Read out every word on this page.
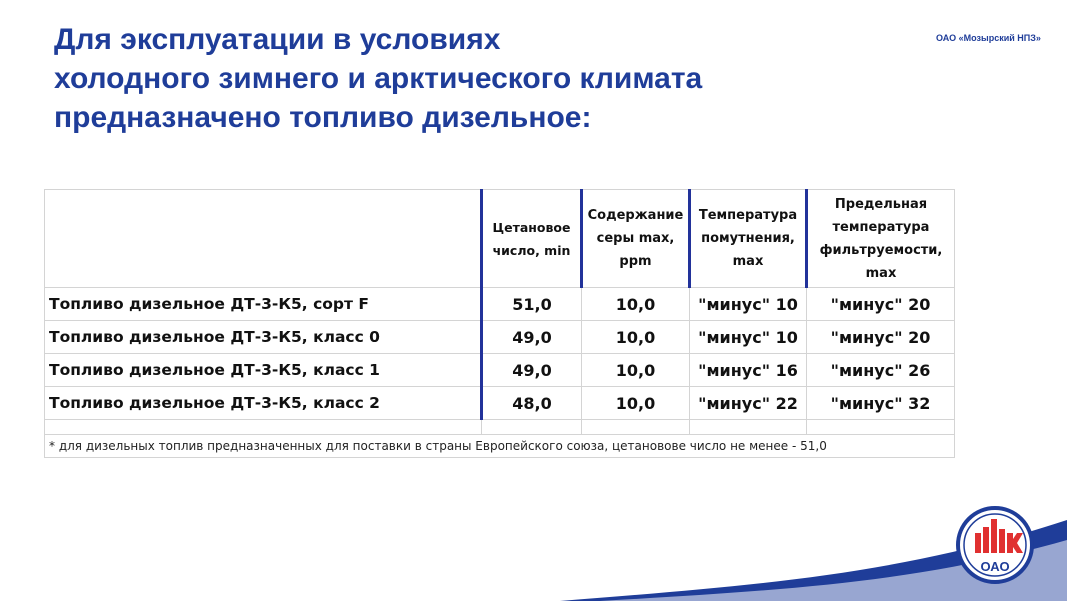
Для эксплуатации в условиях
холодного зимнего и арктического климата
предназначено топливо дизельное:
ОАО «Мозырский НПЗ»
	Цетановое число, min	Содержание серы max, ppm	Температура помутнения, max	Предельная температура фильтруемости, max
Топливо дизельное ДТ-3-К5, сорт F	51,0	10,0	"минус" 10	"минус" 20
Топливо дизельное ДТ-3-К5, класс 0	49,0	10,0	"минус" 10	"минус" 20
Топливо дизельное ДТ-3-К5, класс 1	49,0	10,0	"минус" 16	"минус" 26
Топливо дизельное ДТ-3-К5, класс 2	48,0	10,0	"минус" 22	"минус" 32

* для дизельных топлив предназначенных для поставки в страны Европейского союза, цетановове число не менее - 51,0				
ОАО
